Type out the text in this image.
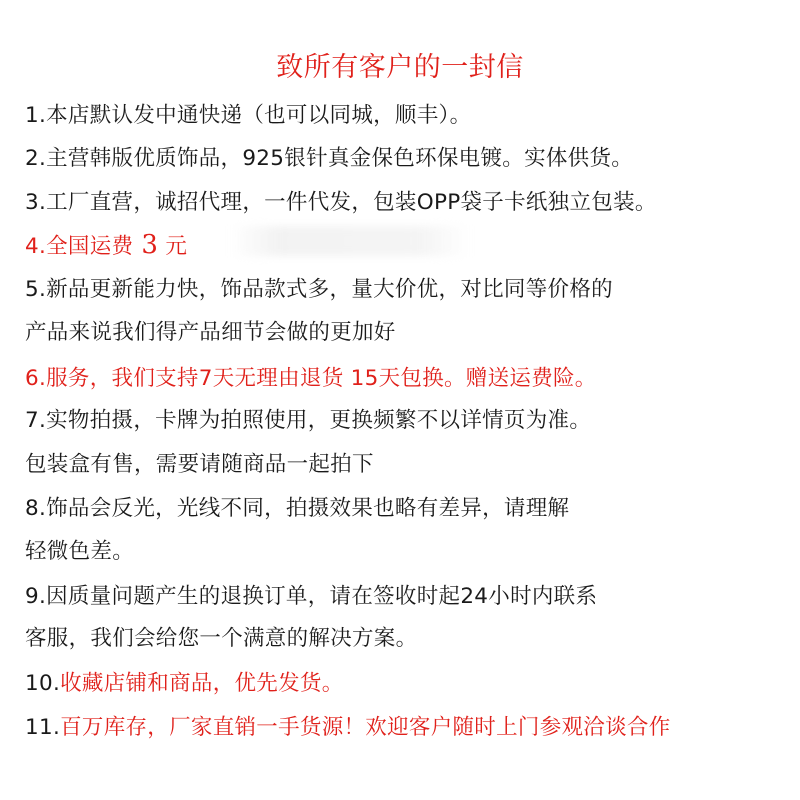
致所有客户的一封信
1.本店默认发中通快递（也可以同城，顺丰）。
2.主营韩版优质饰品，925银针真金保色环保电镀。实体供货。
3.工厂直营，诚招代理，一件代发，包装OPP袋子卡纸独立包装。
4.全国运费 3 元
5.新品更新能力快，饰品款式多，量大价优，对比同等价格的
产品来说我们得产品细节会做的更加好
6.服务，我们支持7天无理由退货 15天包换。赠送运费险。
7.实物拍摄，卡牌为拍照使用，更换频繁不以详情页为准。
包装盒有售，需要请随商品一起拍下
8.饰品会反光，光线不同，拍摄效果也略有差异，请理解
轻微色差。
9.因质量问题产生的退换订单，请在签收时起24小时内联系
客服，我们会给您一个满意的解决方案。
10.收藏店铺和商品，优先发货。
11.百万库存，厂家直销一手货源！欢迎客户随时上门参观洽谈合作
